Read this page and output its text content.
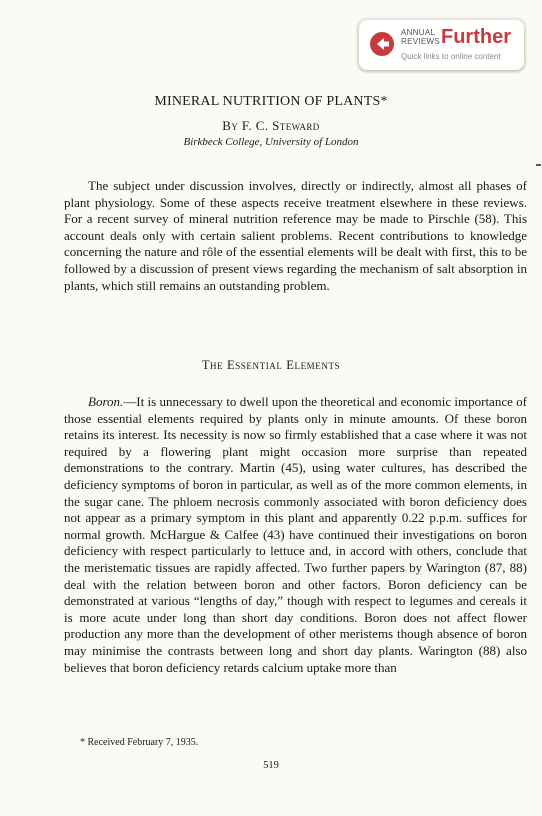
ANNUAL
REVIEWS Further
Quick links to online content
MINERAL NUTRITION OF PLANTS*
By F. C. Steward
Birkbeck College, University of London

The subject under discussion involves, directly or indirectly, almost all phases of plant physiology. Some of these aspects receive treatment elsewhere in these reviews. For a recent survey of mineral nutrition reference may be made to Pirschle (58). This account deals only with certain salient problems. Recent contributions to knowledge concerning the nature and rôle of the essential elements will be dealt with first, this to be followed by a discussion of present views regarding the mechanism of salt absorption in plants, which still remains an outstanding problem.

The Essential Elements

Boron.—It is unnecessary to dwell upon the theoretical and economic importance of those essential elements required by plants only in minute amounts. Of these boron retains its interest. Its necessity is now so firmly established that a case where it was not required by a flowering plant might occasion more surprise than repeated demonstrations to the contrary. Martin (45), using water cultures, has described the deficiency symptoms of boron in particular, as well as of the more common elements, in the sugar cane. The phloem necrosis commonly associated with boron deficiency does not appear as a primary symptom in this plant and apparently 0.22 p.p.m. suffices for normal growth. McHargue & Calfee (43) have continued their investigations on boron deficiency with respect particularly to lettuce and, in accord with others, conclude that the meristematic tissues are rapidly affected. Two further papers by Warington (87, 88) deal with the relation between boron and other factors. Boron deficiency can be demonstrated at various “lengths of day,” though with respect to legumes and cereals it is more acute under long than short day conditions. Boron does not affect flower production any more than the development of other meristems though absence of boron may minimise the contrasts between long and short day plants. Warington (88) also believes that boron deficiency retards calcium uptake more than

* Received February 7, 1935.
519
